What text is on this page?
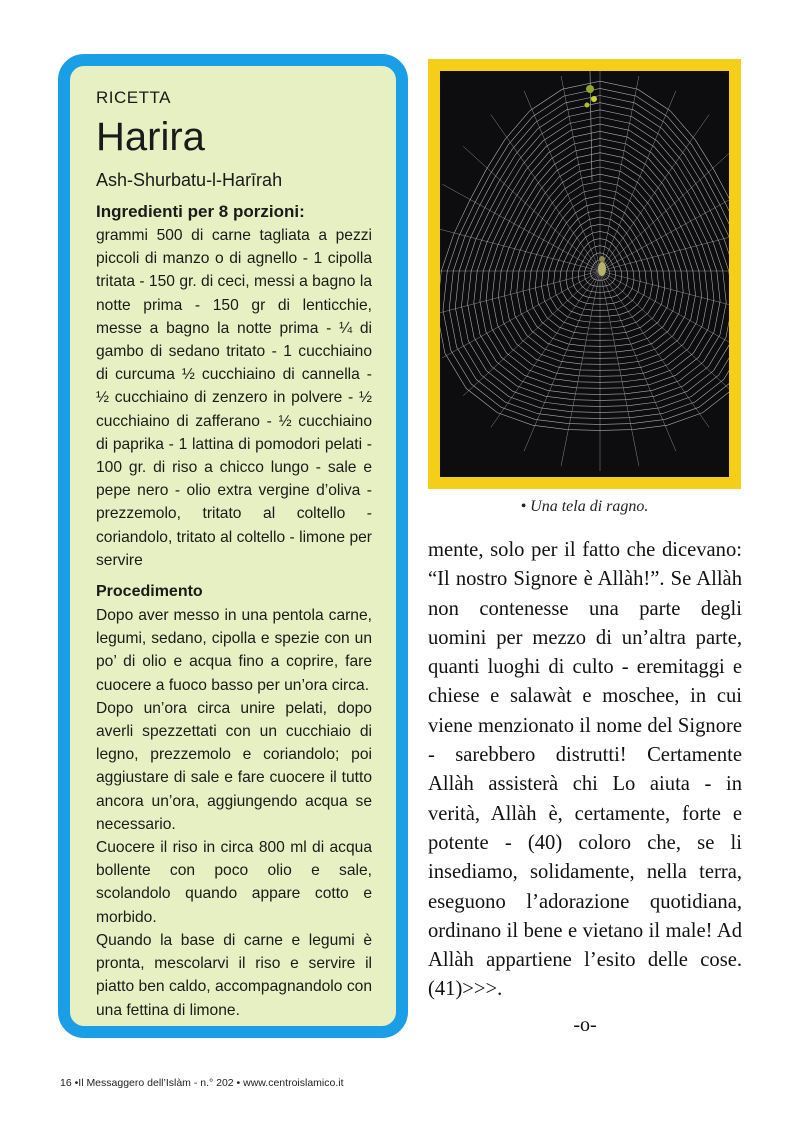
RICETTA
Harira
Ash-Shurbatu-l-Harīrah
Ingredienti per 8 porzioni:

grammi 500 di carne tagliata a pezzi piccoli di manzo o di agnello - 1 cipolla tritata - 150 gr. di ceci, messi a bagno la notte prima - 150 gr di lenticchie, messe a bagno la notte prima - ¼ di gambo di sedano tritato - 1 cucchiaino di curcuma ½ cucchiaino di cannella - ½ cucchiaino di zenzero in polvere - ½ cucchiaino di zafferano - ½ cucchiaino di paprika - 1 lattina di pomodori pelati - 100 gr. di riso a chicco lungo - sale e pepe nero - olio extra vergine d’oliva - prezzemolo, tritato al coltello - coriandolo, tritato al coltello - limone per servire

Procedimento

Dopo aver messo in una pentola carne, legumi, sedano, cipolla e spezie con un po’ di olio e acqua fino a coprire, fare cuocere a fuoco basso per un’ora circa.

Dopo un’ora circa unire pelati, dopo averli spezzettati con un cucchiaio di legno, prezzemolo e coriandolo; poi aggiustare di sale e fare cuocere il tutto ancora un’ora, aggiungendo acqua se necessario.

Cuocere il riso in circa 800 ml di acqua bollente con poco olio e sale, scolandolo quando appare cotto e morbido.

Quando la base di carne e legumi è pronta, mescolarvi il riso e servire il piatto ben caldo, accompagnandolo con una fettina di limone.

• Una tela di ragno.

mente, solo per il fatto che dicevano: “Il nostro Signore è Allàh!”. Se Allàh non contenesse una parte degli uomini per mezzo di un’altra parte, quanti luoghi di culto - eremitaggi e chiese e salawàt e moschee, in cui viene menzionato il nome del Signore - sarebbero distrutti! Certamente Allàh assisterà chi Lo aiuta - in verità, Allàh è, certamente, forte e potente - (40) coloro che, se li insediamo, solidamente, nella terra, eseguono l’adorazione quotidiana, ordinano il bene e vietano il male! Ad Allàh appartiene l’esito delle cose. (41)>>>.

-o-
16 •Il Messaggero dell’Islàm - n.° 202 • www.centroislamico.it
